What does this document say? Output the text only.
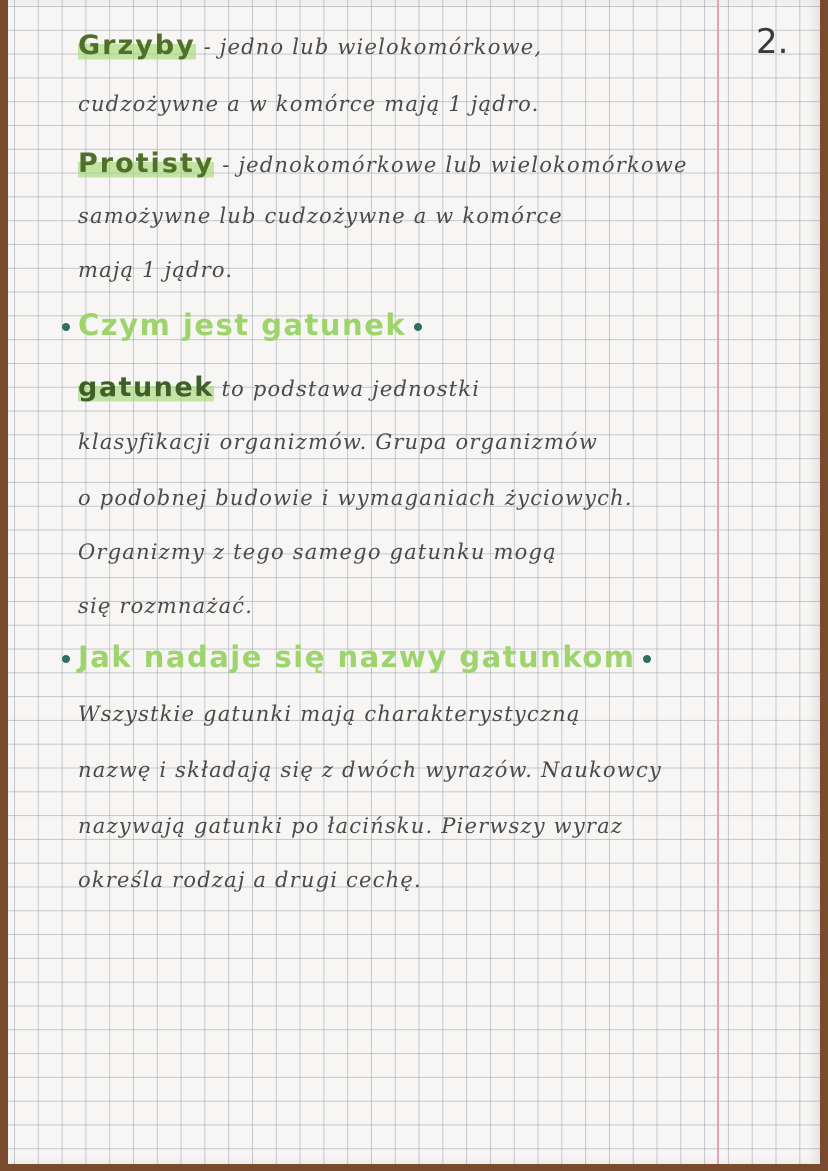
2.
Grzyby - jedno lub wielokomórkowe,
cudzożywne a w komórce mają 1 jądro.
Protisty - jednokomórkowe lub wielokomórkowe
samożywne lub cudzożywne a w komórce
mają 1 jądro.
Czym jest gatunek
gatunek to podstawa jednostki
klasyfikacji organizmów. Grupa organizmów
o podobnej budowie i wymaganiach życiowych.
Organizmy z tego samego gatunku mogą
się rozmnażać.
Jak nadaje się nazwy gatunkom
Wszystkie gatunki mają charakterystyczną
nazwę i składają się z dwóch wyrazów. Naukowcy
nazywają gatunki po łacińsku. Pierwszy wyraz
określa rodzaj a drugi cechę.
